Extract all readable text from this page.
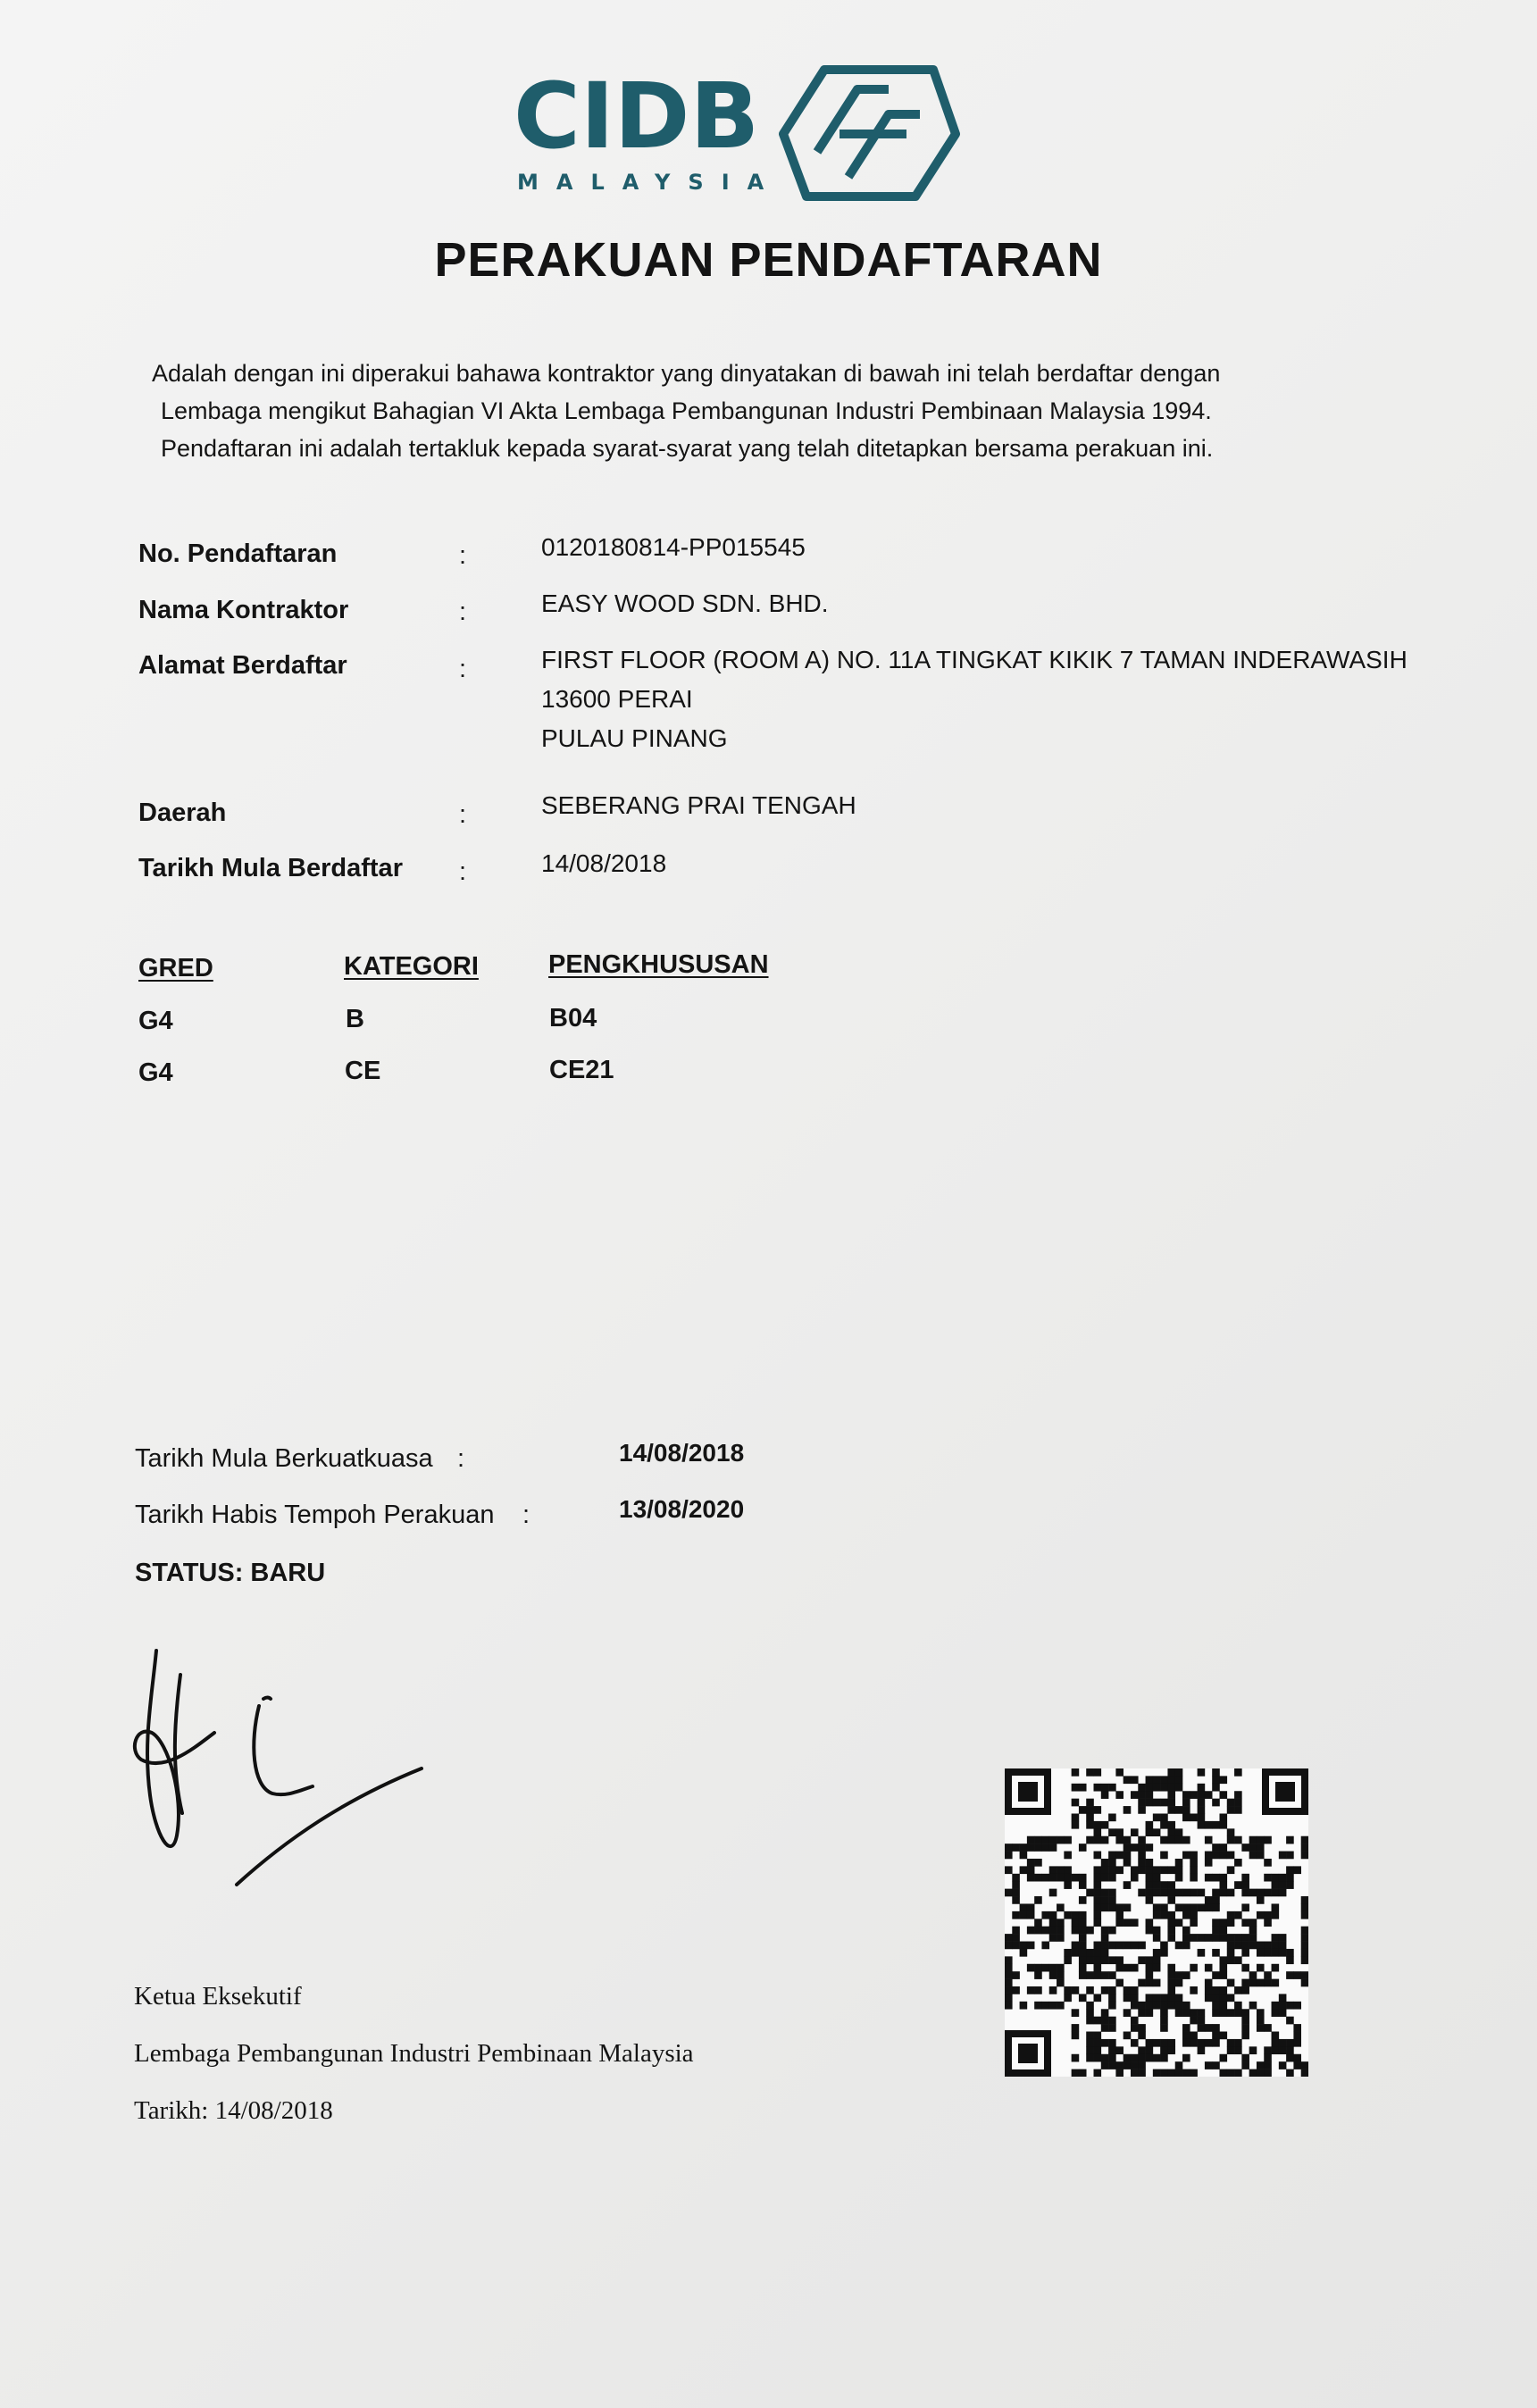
CIDB
MALAYSIA
PERAKUAN PENDAFTARAN
Adalah dengan ini diperakui bahawa kontraktor yang dinyatakan di bawah ini telah berdaftar dengan
Lembaga mengikut Bahagian VI Akta Lembaga Pembangunan Industri Pembinaan Malaysia 1994.
Pendaftaran ini adalah tertakluk kepada syarat-syarat yang telah ditetapkan bersama perakuan ini.
No. Pendaftaran	:	0120180814-PP015545
Nama Kontraktor	:	EASY WOOD SDN. BHD.
Alamat Berdaftar	:	FIRST FLOOR (ROOM A) NO. 11A TINGKAT KIKIK 7 TAMAN INDERAWASIH
13600 PERAI
PULAU PINANG
Daerah	:	SEBERANG PRAI TENGAH
Tarikh Mula Berdaftar :	14/08/2018
GRED	KATEGORI	PENGKHUSUSAN
G4	B	B04
G4	CE	CE21
Tarikh Mula Berkuatkuasa :	14/08/2018
Tarikh Habis Tempoh Perakuan :	13/08/2020
STATUS: BARU
Ketua Eksekutif
Lembaga Pembangunan Industri Pembinaan Malaysia
Tarikh: 14/08/2018
